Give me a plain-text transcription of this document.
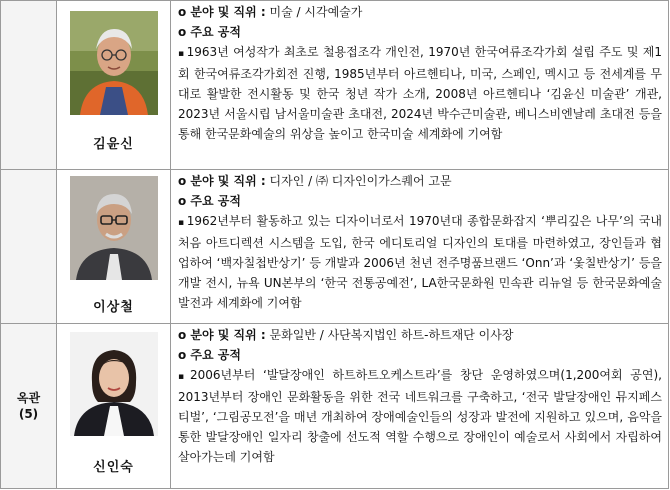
김윤신
o 분야 및 직위 : 미술 / 시각예술가
o 주요 공적
▪ 1963년 여성작가 최초로 철용접조각 개인전, 1970년 한국여류조각가회 설립 주도 및 제1회 한국여류조각가회전 진행, 1985년부터 아르헨티나, 미국, 스페인, 멕시고 등 전세계를 무대로 활발한 전시활동 및 한국 청년 작가 소개, 2008년 아르헨티나 ‘김윤신 미술관’ 개관, 2023년 서울시립 남서울미술관 초대전, 2024년 박수근미술관, 베니스비엔날레 초대전 등을 통해 한국문화예술의 위상을 높이고 한국미술 세계화에 기여함
이상철
o 분야 및 직위 : 디자인 / ㈜ 디자인이가스퀘어 고문
o 주요 공적
▪ 1962년부터 활동하고 있는 디자이너로서 1970년대 종합문화잡지 ‘뿌리깊은 나무’의 국내 처음 아트디렉션 시스템을 도입, 한국 에디토리얼 디자인의 토대를 마련하였고, 장인들과 협업하여 ‘백자칠첩반상기’ 등 개발과 2006년 천년 전주명품브랜드 ‘Onn’과 ‘옻칠반상기’ 등을 개발 전시, 뉴욕 UN본부의 ‘한국 전통공예전’, LA한국문화원 민속관 리뉴얼 등 한국문화예술 발전과 세계화에 기여함
옥관
(5)
신인숙
o 분야 및 직위 : 문화일반 / 사단복지법인 하트-하트재단 이사장
o 주요 공적
▪ 2006년부터 ‘발달장애인 하트하트오케스트라’를 창단 운영하였으며(1,200여회 공연), 2013년부터 장애인 문화활동을 위한 전국 네트워크를 구축하고, ‘전국 발달장애인 뮤지페스티벌’, ‘그림공모전’을 매년 개최하여 장애예술인들의 성장과 발전에 지원하고 있으며, 음악을 통한 발달장애인 일자리 창출에 선도적 역할 수행으로 장애인이 예술로서 사회에서 자립하여 살아가는데 기여함
